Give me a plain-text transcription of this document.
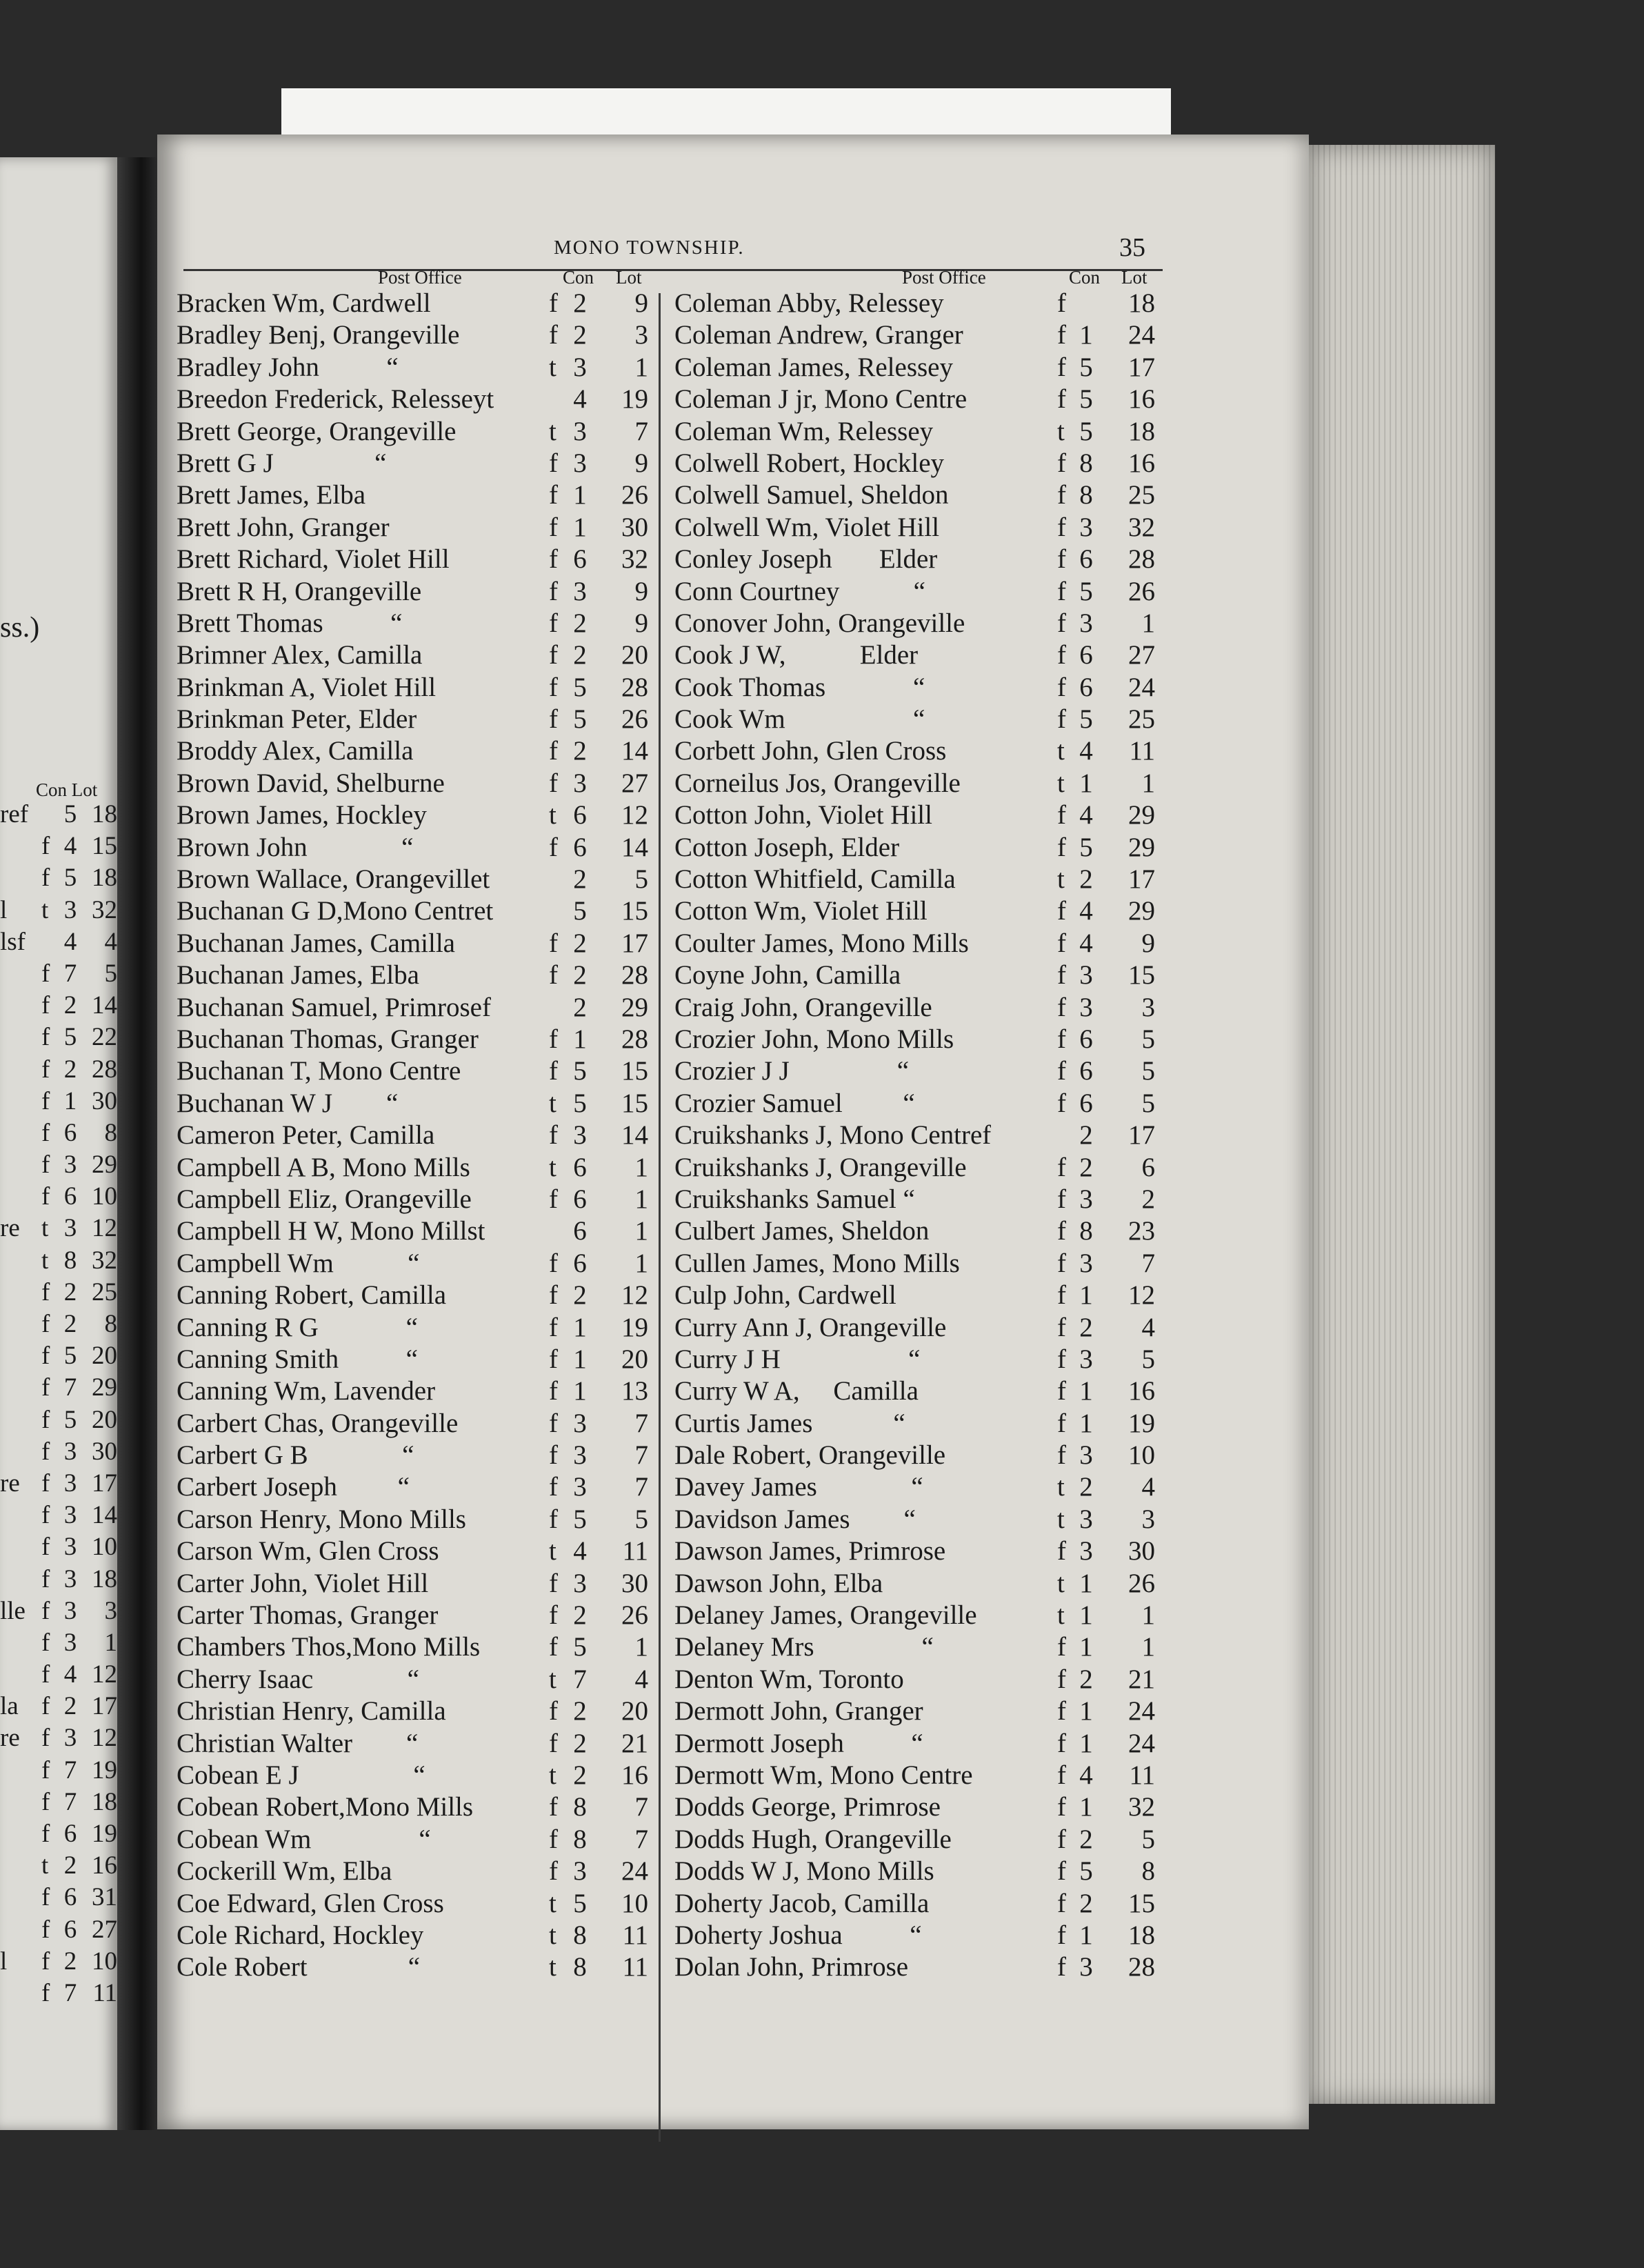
ss.)
Con Lot
ref 5 18
f 4 15
f 5 18
l t 3 32
lsf 4	4
f 7	5
f 2 14
f 5 22
f 2 28
f 1 30
f 6	8
f 3 29
f 6 10
re t 3 12
t 8 32
f 2 25
f 2	8
f 5 20
f 7 29
f 5 20
f 3 30
re f 3 17
f 3 14
f 3 10
f 3 18
lle f 3	3
f 3	1
f 4 12
la f 2 17
re f 3 12
f 7 19
f 7 18
f 6 19
t 2 16
f 6 31
f 6 27
l f 2 10
f 7 11
MONO TOWNSHIP.	35
Post Office	Con Lot	Post Office	Con Lot
Bracken Wm, Cardwell	f 2	9
Bradley Benj, Orangeville	f 2	3
Bradley John          “	t 3	1
Breedon Frederick, Relesseyt	4	19
Brett George, Orangeville	t 3	7
Brett G J               “	f 3	9
Brett James, Elba	f 1	26
Brett John, Granger	f 1	30
Brett Richard, Violet Hill	f 6	32
Brett R H, Orangeville	f 3	9
Brett Thomas          “	f 2	9
Brimner Alex, Camilla	f 2	20
Brinkman A, Violet Hill	f 5	28
Brinkman Peter, Elder	f 5	26
Broddy Alex, Camilla	f 2	14
Brown David, Shelburne	f 3	27
Brown James, Hockley	t 6	12
Brown John              “	f 6	14
Brown Wallace, Orangevillet	2	5
Buchanan G D,Mono Centret	5	15
Buchanan James, Camilla	f 2	17
Buchanan James, Elba	f 2	28
Buchanan Samuel, Primrosef	2	29
Buchanan Thomas, Granger	f 1	28
Buchanan T, Mono Centre	f 5	15
Buchanan W J        “	t 5	15
Cameron Peter, Camilla	f 3	14
Campbell A B, Mono Mills	t 6	1
Campbell Eliz, Orangeville	f 6	1
Campbell H W, Mono Millst	6	1
Campbell Wm           “	f 6	1
Canning Robert, Camilla	f 2	12
Canning R G             “	f 1	19
Canning Smith          “	f 1	20
Canning Wm, Lavender	f 1	13
Carbert Chas, Orangeville	f 3	7
Carbert G B              “	f 3	7
Carbert Joseph         “	f 3	7
Carson Henry, Mono Mills	f 5	5
Carson Wm, Glen Cross	t 4	11
Carter John, Violet Hill	f 3	30
Carter Thomas, Granger	f 2	26
Chambers Thos,Mono Mills	f 5	1
Cherry Isaac              “	t 7	4
Christian Henry, Camilla	f 2	20
Christian Walter        “	f 2	21
Cobean E J                 “	t 2	16
Cobean Robert,Mono Mills	f 8	7
Cobean Wm                “	f 8	7
Cockerill Wm, Elba	f 3	24
Coe Edward, Glen Cross	t 5	10
Cole Richard, Hockley	t 8	11
Cole Robert               “	t 8	11
Coleman Abby, Relessey	f	18
Coleman Andrew, Granger	f 1	24
Coleman James, Relessey	f 5	17
Coleman J jr, Mono Centre	f 5	16
Coleman Wm, Relessey	t 5	18
Colwell Robert, Hockley	f 8	16
Colwell Samuel, Sheldon	f 8	25
Colwell Wm, Violet Hill	f 3	32
Conley Joseph       Elder	f 6	28
Conn Courtney           “	f 5	26
Conover John, Orangeville	f 3	1
Cook J W,           Elder	f 6	27
Cook Thomas             “	f 6	24
Cook Wm                   “	f 5	25
Corbett John, Glen Cross	t 4	11
Corneilus Jos, Orangeville	t 1	1
Cotton John, Violet Hill	f 4	29
Cotton Joseph, Elder	f 5	29
Cotton Whitfield, Camilla	t 2	17
Cotton Wm, Violet Hill	f 4	29
Coulter James, Mono Mills	f 4	9
Coyne John, Camilla	f 3	15
Craig John, Orangeville	f 3	3
Crozier John, Mono Mills	f 6	5
Crozier J J                “	f 6	5
Crozier Samuel         “	f 6	5
Cruikshanks J, Mono Centref	2	17
Cruikshanks J, Orangeville	f 2	6
Cruikshanks Samuel “	f 3	2
Culbert James, Sheldon	f 8	23
Cullen James, Mono Mills	f 3	7
Culp John, Cardwell	f 1	12
Curry Ann J, Orangeville	f 2	4
Curry J H                   “	f 3	5
Curry W A,     Camilla	f 1	16
Curtis James            “	f 1	19
Dale Robert, Orangeville	f 3	10
Davey James              “	t 2	4
Davidson James        “	t 3	3
Dawson James, Primrose	f 3	30
Dawson John, Elba	t 1	26
Delaney James, Orangeville	t 1	1
Delaney Mrs                “	f 1	1
Denton Wm, Toronto	f 2	21
Dermott John, Granger	f 1	24
Dermott Joseph          “	f 1	24
Dermott Wm, Mono Centre	f 4	11
Dodds George, Primrose	f 1	32
Dodds Hugh, Orangeville	f 2	5
Dodds W J, Mono Mills	f 5	8
Doherty Jacob, Camilla	f 2	15
Doherty Joshua          “	f 1	18
Dolan John, Primrose	f 3	28
